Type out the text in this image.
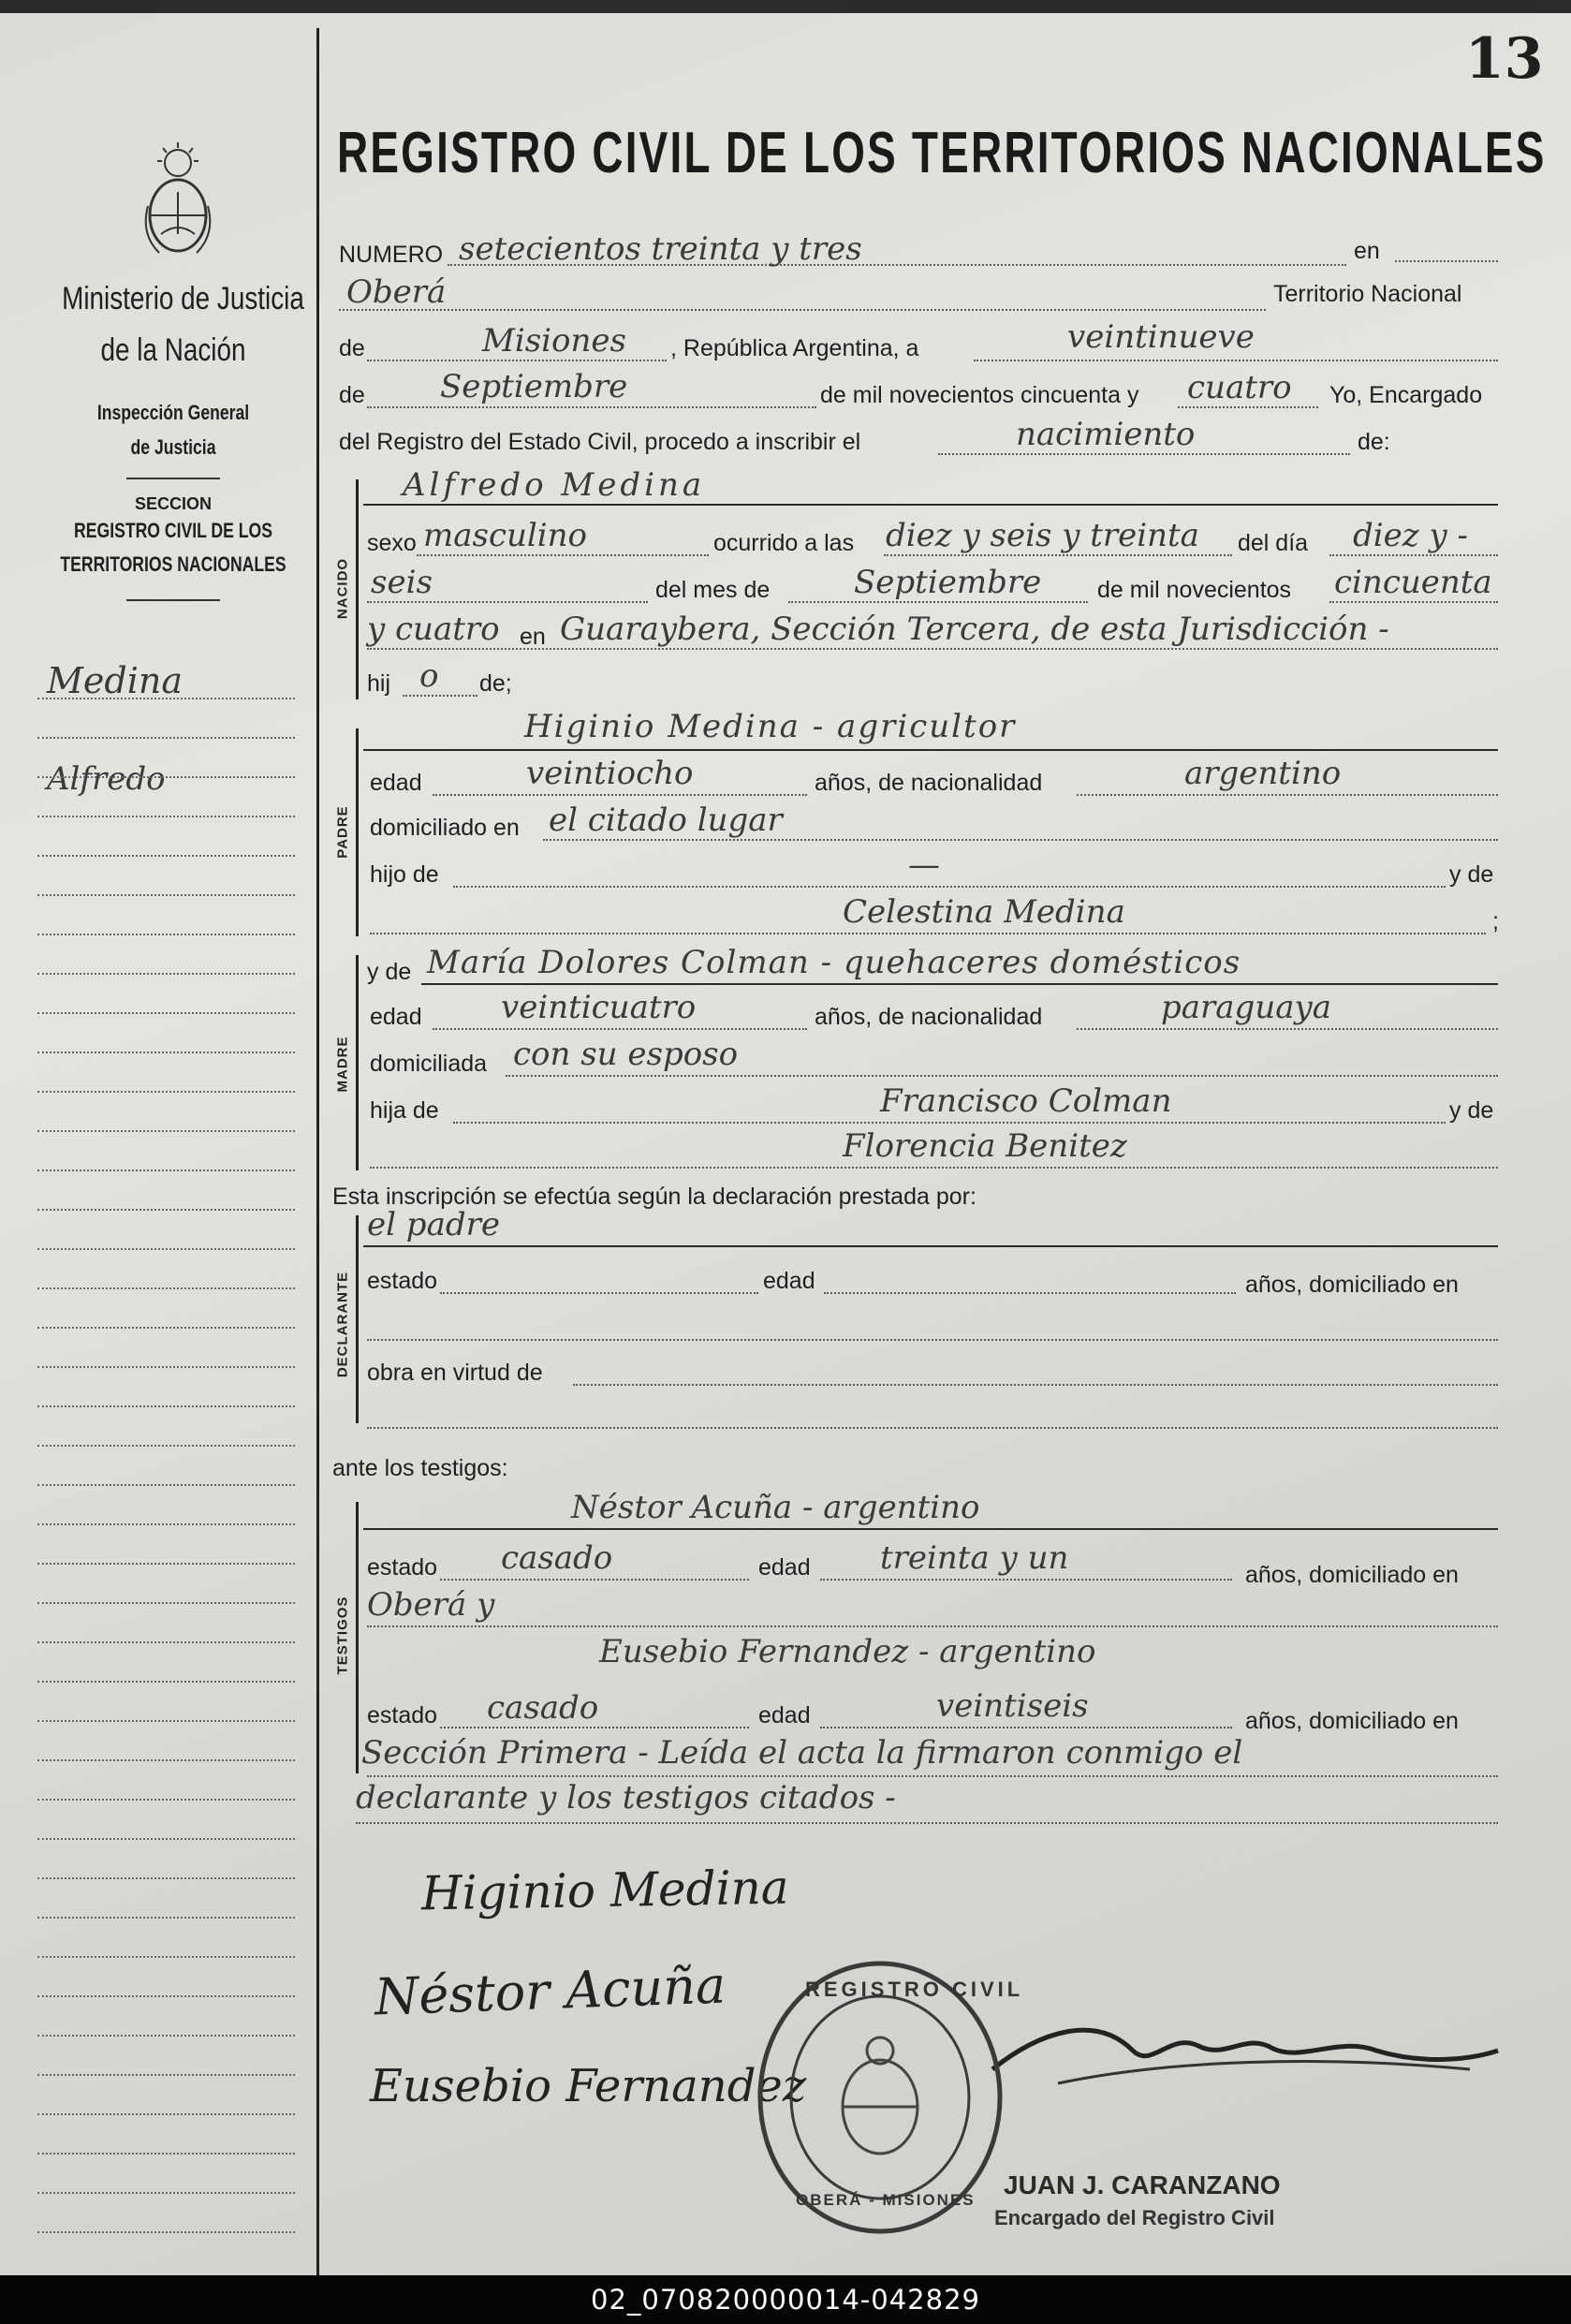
13
Ministerio de Justicia
de la Nación
Inspección General
de Justicia
SECCION
REGISTRO CIVIL DE LOS
TERRITORIOS NACIONALES
Medina
Alfredo
REGISTRO CIVIL DE LOS TERRITORIOS NACIONALES
NUMERO setecientos treinta y tres	en
Oberá	Territorio Nacional
de	Misiones , República Argentina, a	veintinueve
de Septiembre	de mil novecientos cincuenta y cuatro Yo, Encargado
del Registro del Estado Civil, procedo a inscribir el	nacimiento	de:
NACIDO
Alfredo Medina
sexo masculino	ocurrido a las diez y seis y treinta del día diez y -
seis	del mes de	Septiembre de mil novecientos cincuenta
y cuatro en Guaraybera, Sección Tercera, de esta Jurisdicción -
hij o de;
PADRE
Higinio Medina - agricultor
edad	veintiocho	años, de nacionalidad	argentino
domiciliado en el citado lugar
hijo de	—	y de
Celestina Medina	;
MADRE
y de María Dolores Colman - quehaceres domésticos
edad veinticuatro	años, de nacionalidad	paraguaya
domiciliada con su esposo
hija de	Francisco Colman	y de
Florencia Benitez
Esta inscripción se efectúa según la declaración prestada por:
DECLARANTE
el padre
estado	edad	años, domiciliado en
obra en virtud de
ante los testigos:
TESTIGOS
Néstor Acuña - argentino
estado casado	edad treinta y un	años, domiciliado en
Oberá y
Eusebio Fernandez - argentino
estado casado	edad	veintiseis	años, domiciliado en
Sección Primera - Leída el acta la firmaron conmigo el
declarante y los testigos citados -
Higinio Medina
Néstor Acuña
Eusebio Fernandez
REGISTRO CIVIL
OBERÁ - MISIONES
JUAN J. CARANZANO
Encargado del Registro Civil
02_070820000014-042829
